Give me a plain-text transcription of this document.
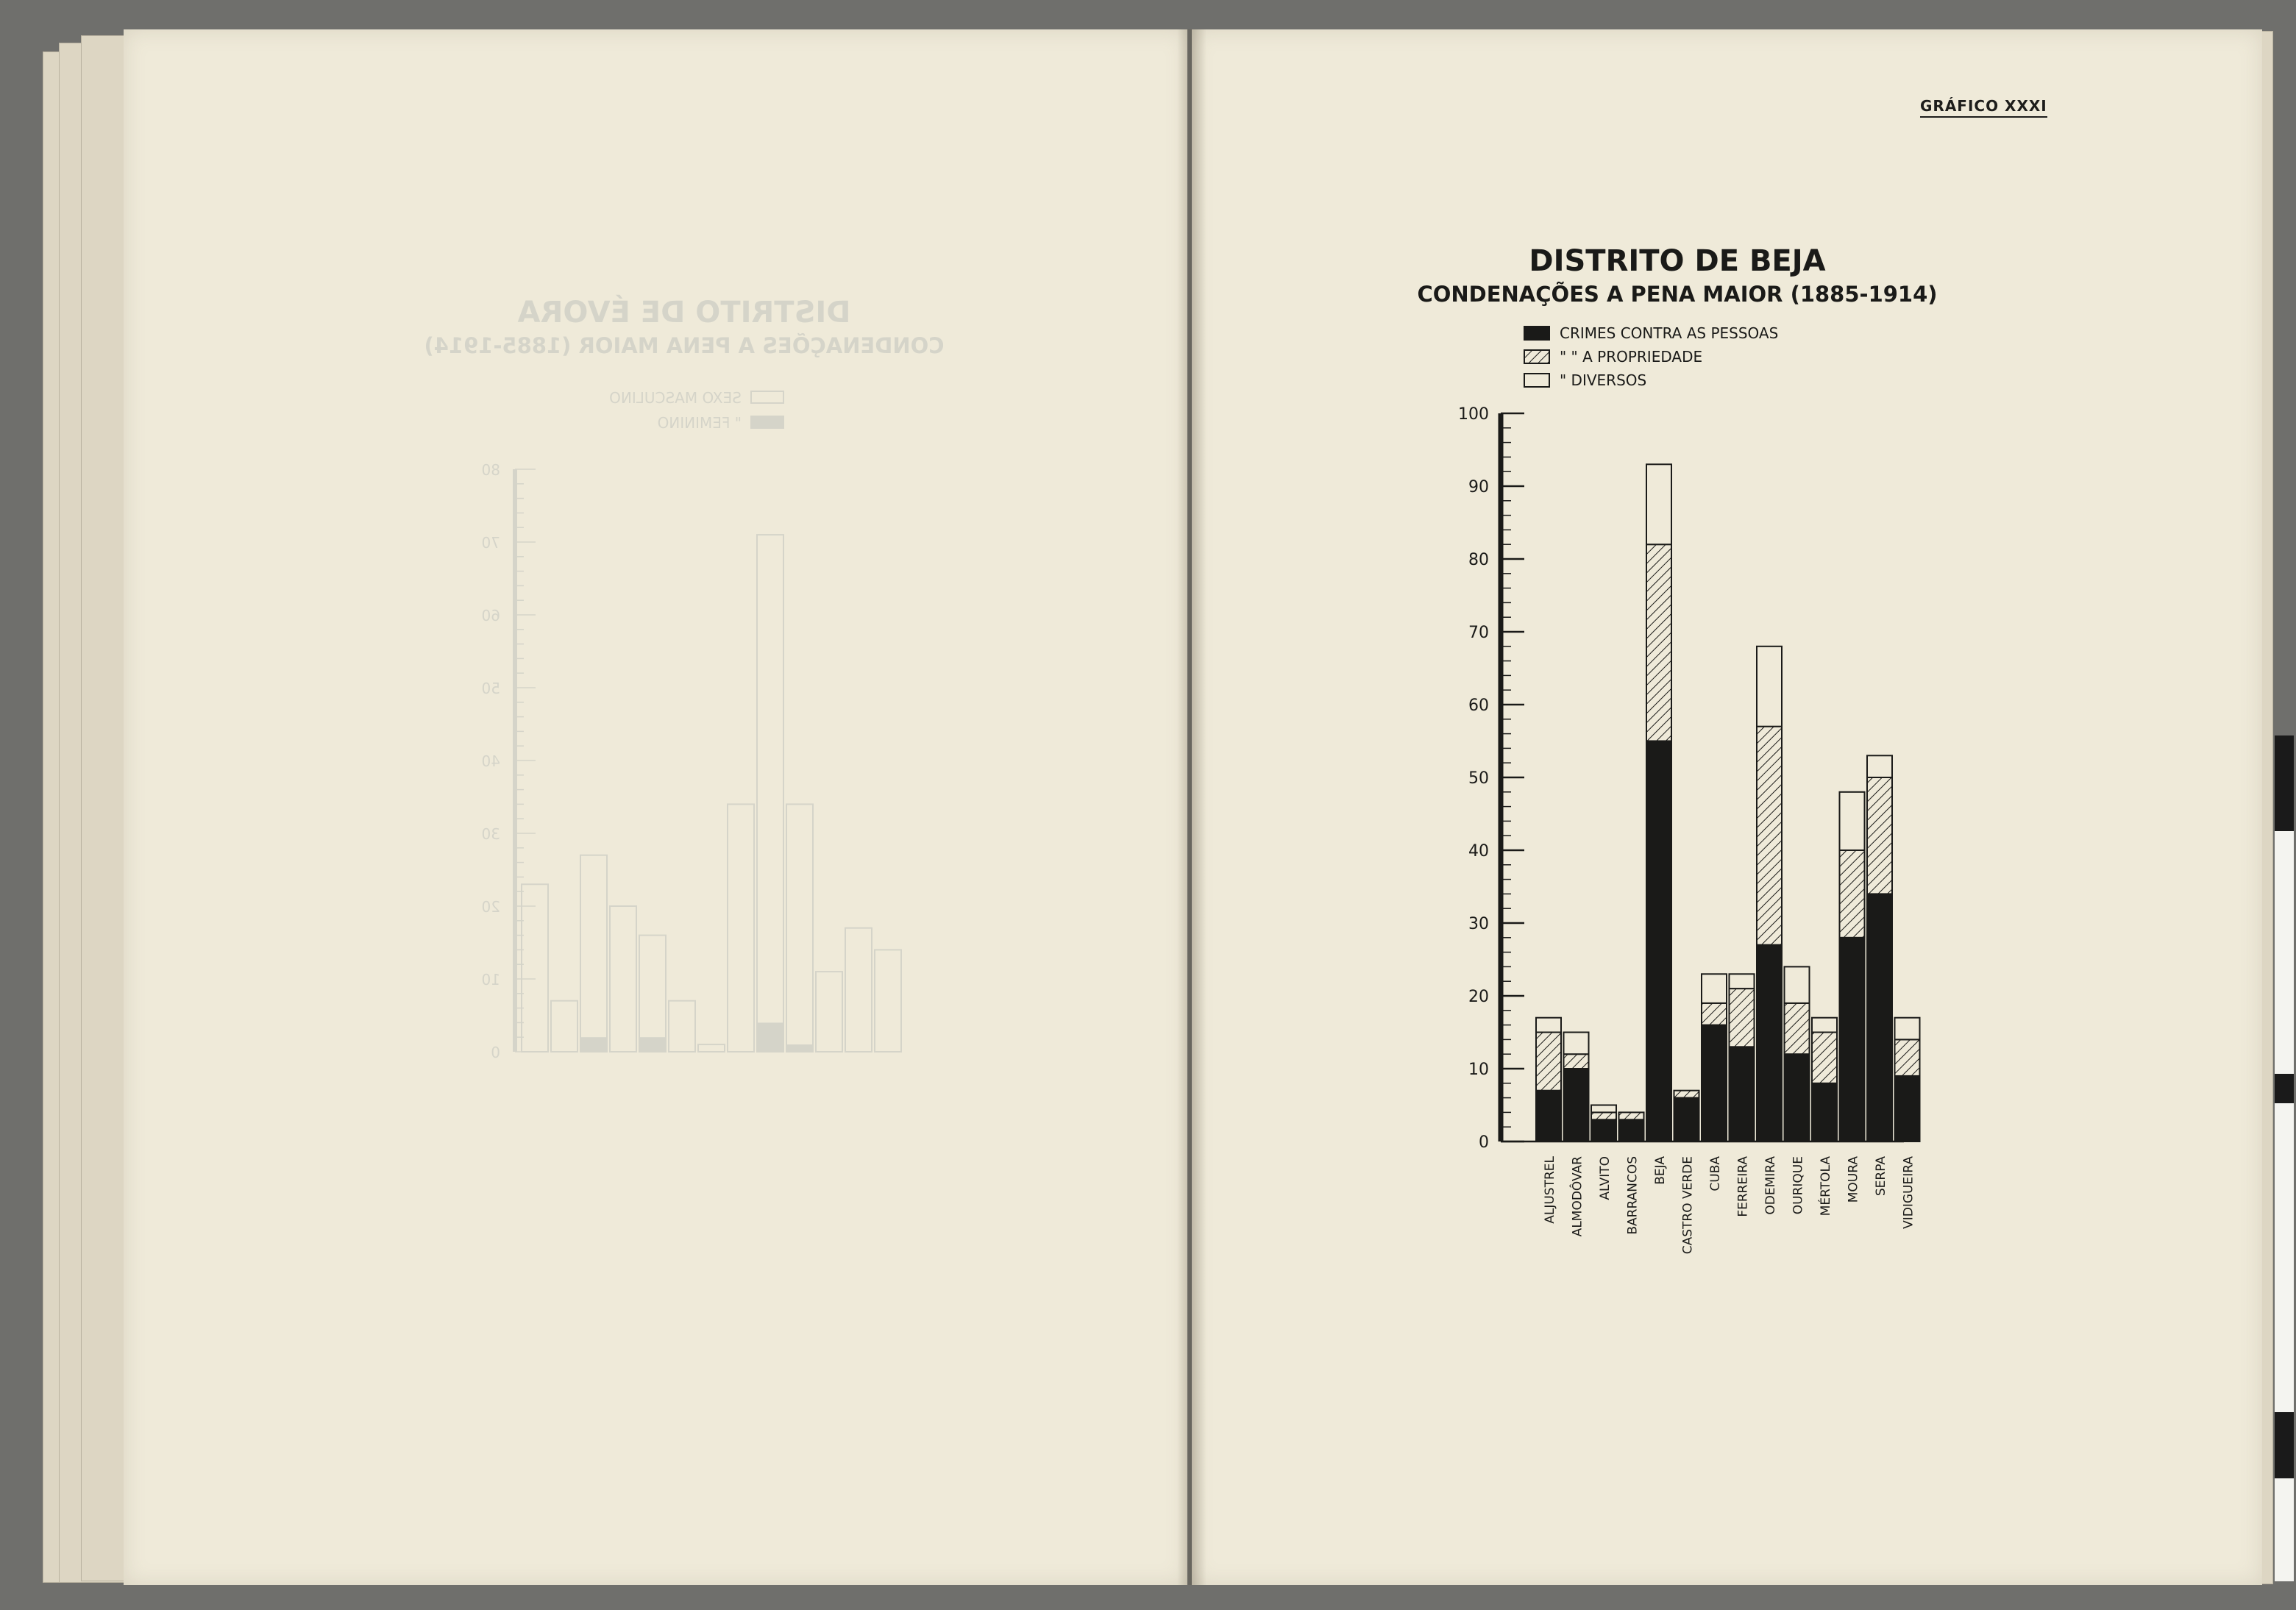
DISTRITO DE ÉVORA
CONDENAÇÕES A PENA MAIOR (1885-1914)
SEXO MASCULINO
" FEMININO
0
10
20
30
40
50
60
70
80
GRÁFICO XXXI
DISTRITO DE BEJA
CONDENAÇÕES A PENA MAIOR (1885-1914)
CRIMES CONTRA AS PESSOAS
" " A PROPRIEDADE
" DIVERSOS
0
10
20
30
40
50
60
70
80
90
100
ALJUSTREL ALMODÔVAR ALVITO BARRANCOS BEJA CASTRO VERDE CUBA FERREIRA ODEMIRA OURIQUE MÉRTOLA MOURA SERPA VIDIGUEIRA
